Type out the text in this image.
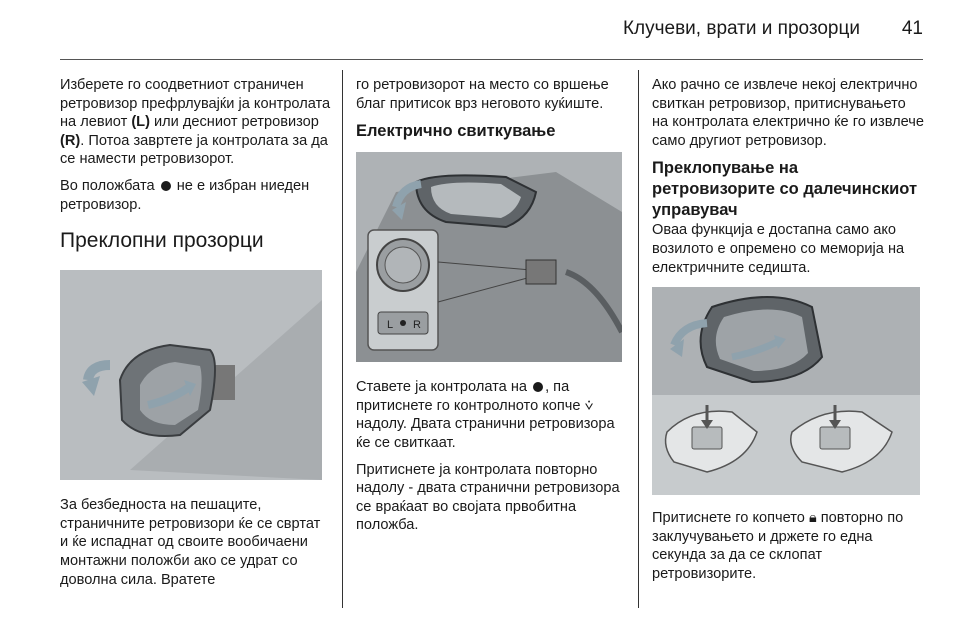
Клучеви, врати и прозорци 41

Изберете го соодветниот страничен ретровизор префрлувајќи ја контролата на левиот (L) или десниот ретровизор (R). Потоа завртете ја контролата за да се намести ретровизорот.

Во положбата  не е избран ниеден ретровизор.

Преклопни прозорци

За безбедноста на пешаците, страничните ретровизори ќе се свртат и ќе испаднат од своите вообичаени монтажни положби ако се удрат со доволна сила. Вратете

го ретровизорот на место со вршење благ притисок врз неговото куќиште.

Електрично свиткување
L R

Ставете ја контролата на , па притиснете го контролното копче ⩒ надолу. Двата странични ретровизора ќе се свиткаат.

Притиснете ја контролата повторно надолу - двата странични ретровизора се враќаат во својата првобитна положба.

Ако рачно се извлече некој електрично свиткан ретровизор, притиснувањето на контролата електрично ќе го извлече само другиот ретровизор.

Преклопување на ретровизорите со далечинскиот управувач

Оваа функција е достапна само ако возилото е опремено со мемориjа на електричните седишта.

Притиснете го копчето 🔒︎ повторно по заклучувањето и држете го една секунда за да се склопат ретровизорите.
